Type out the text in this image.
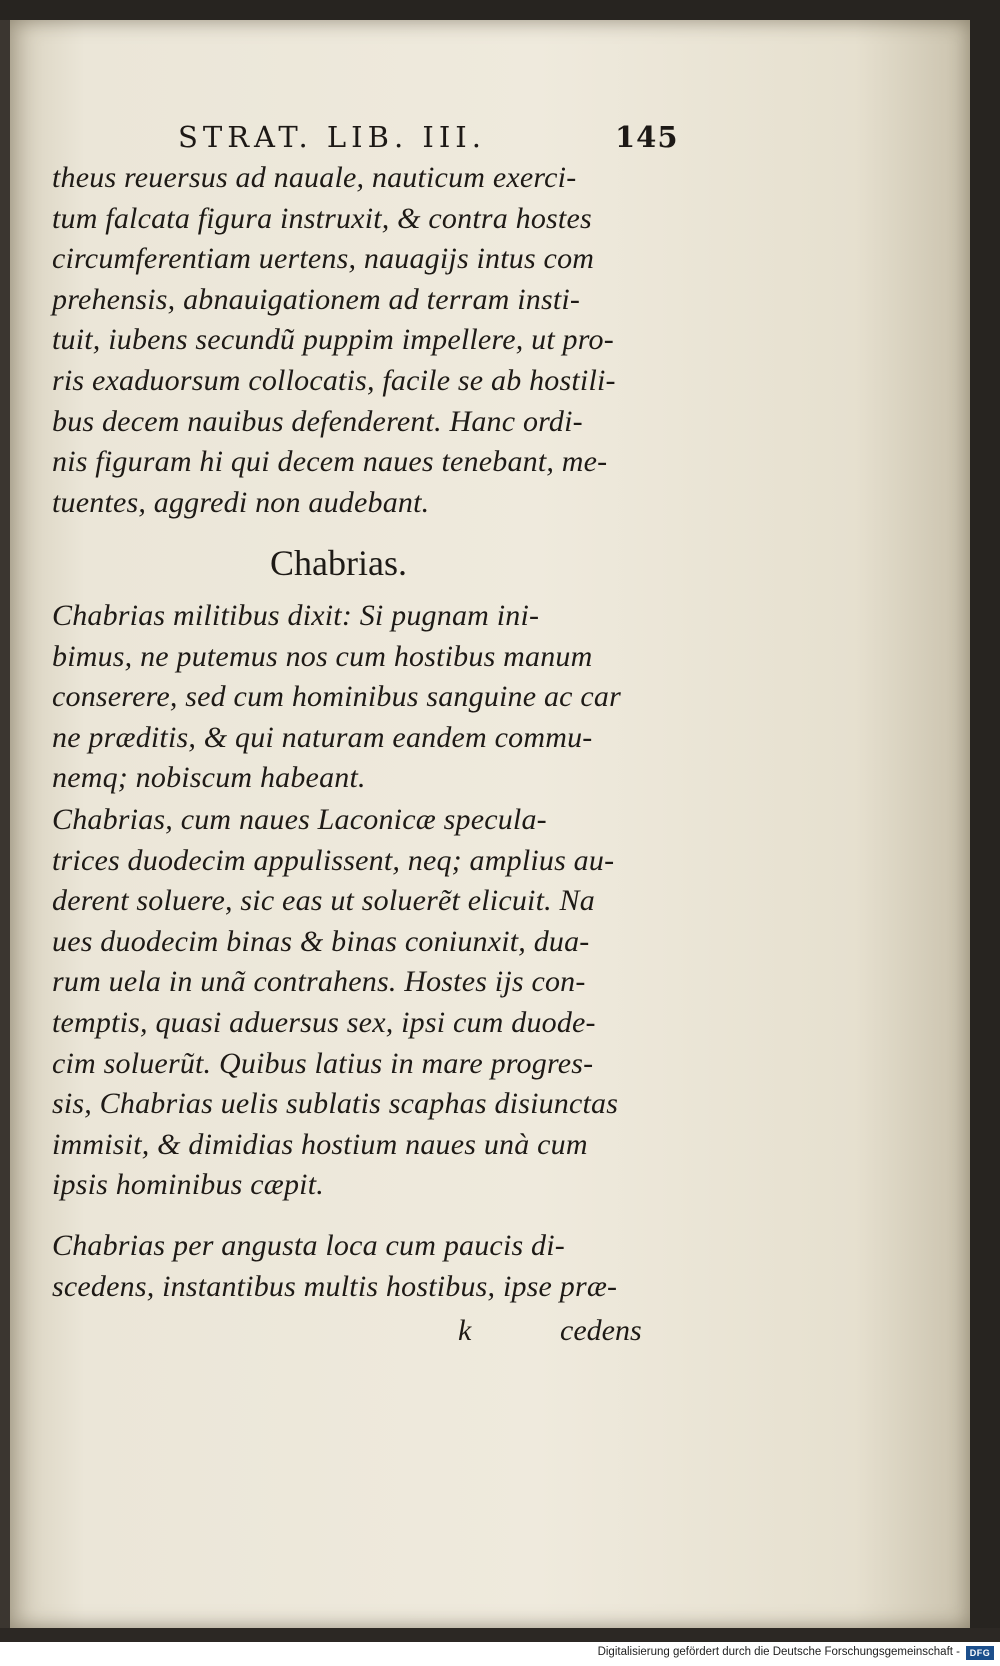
STRAT. LIB. III.	145
theus reuersus ad nauale, nauticum exerci-
tum falcata figura instruxit, & contra hostes
circumferentiam uertens, nauagijs intus com
prehensis, abnauigationem ad terram insti-
tuit, iubens secundũ puppim impellere, ut pro-
ris exaduorsum collocatis, facile se ab hostili-
bus decem nauibus defenderent. Hanc ordi-
nis figuram hi qui decem naues tenebant, me-
tuentes, aggredi non audebant.
Chabrias.
Chabrias militibus dixit: Si pugnam ini-
bimus, ne putemus nos cum hostibus manum
conserere, sed cum hominibus sanguine ac car
ne præditis, & qui naturam eandem commu-
nemq; nobiscum habeant.
Chabrias, cum naues Laconicæ specula-
trices duodecim appulissent, neq; amplius au-
derent soluere, sic eas ut soluerẽt elicuit. Na
ues duodecim binas & binas coniunxit, dua-
rum uela in unã contrahens. Hostes ijs con-
temptis, quasi aduersus sex, ipsi cum duode-
cim soluerũt. Quibus latius in mare progres-
sis, Chabrias uelis sublatis scaphas disiunctas
immisit, & dimidias hostium naues unà cum
ipsis hominibus cæpit.
Chabrias per angusta loca cum paucis di-
scedens, instantibus multis hostibus, ipse præ-
k	cedens
Digitalisierung gefördert durch die Deutsche Forschungsgemeinschaft -	DFG
